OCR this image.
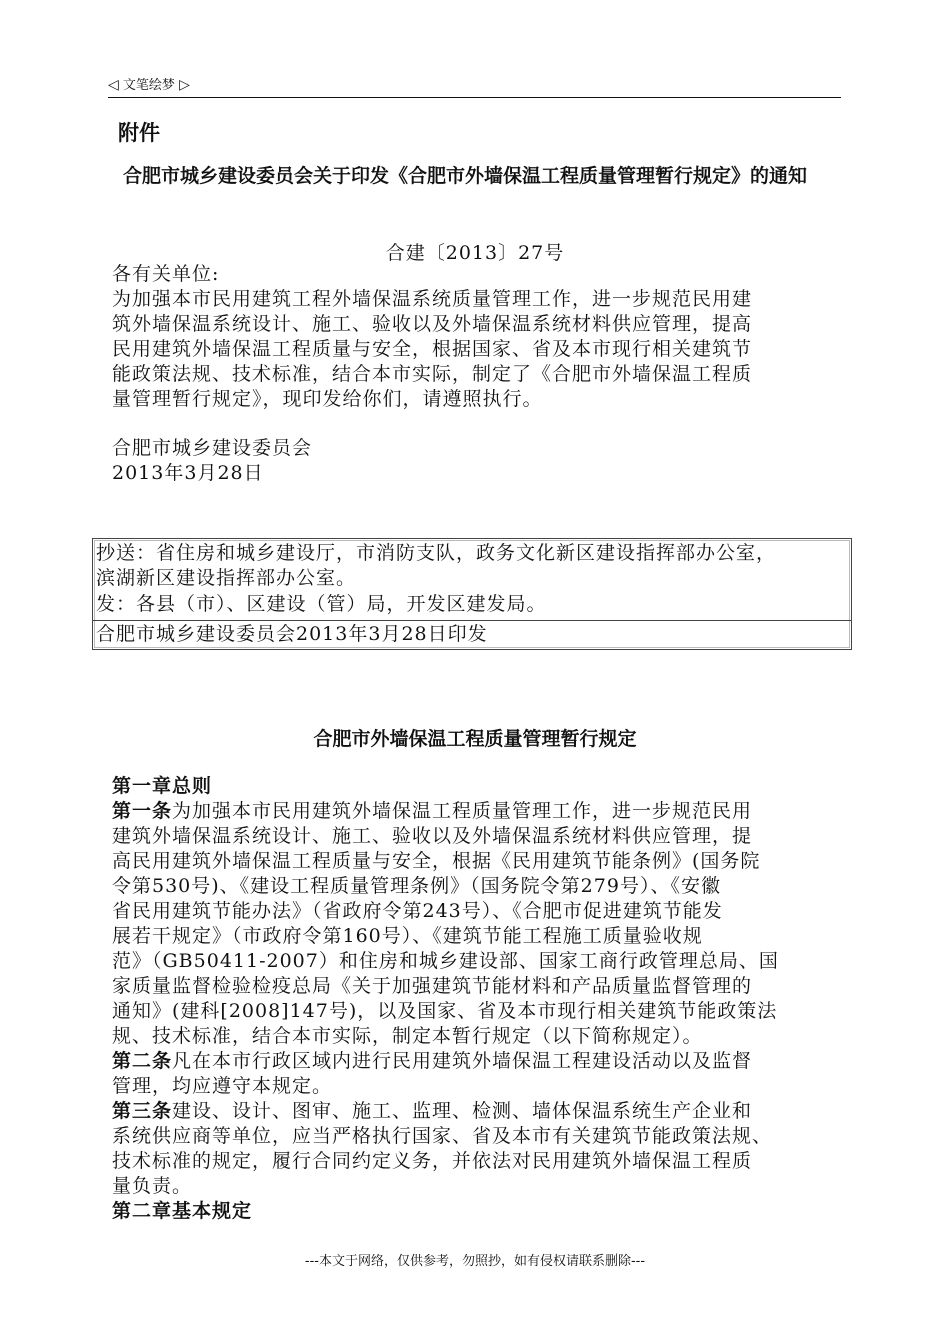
◁ 文笔绘梦 ▷
附件
合肥市城乡建设委员会关于印发《合肥市外墙保温工程质量管理暂行规定》的通知
合建〔2013〕27号

各有关单位:

为加强本市民用建筑工程外墙保温系统质量管理工作，进一步规范民用建

筑外墙保温系统设计、施工、验收以及外墙保温系统材料供应管理，提高

民用建筑外墙保温工程质量与安全，根据国家、省及本市现行相关建筑节

能政策法规、技术标准，结合本市实际，制定了《合肥市外墙保温工程质

量管理暂行规定》，现印发给你们，请遵照执行。

合肥市城乡建设委员会

2013年3月28日

抄送：省住房和城乡建设厅，市消防支队，政务文化新区建设指挥部办公室，
滨湖新区建设指挥部办公室。
发：各县（市）、区建设（管）局，开发区建发局。
合肥市城乡建设委员会2013年3月28日印发
合肥市外墙保温工程质量管理暂行规定

第一章总则

第一条为加强本市民用建筑外墙保温工程质量管理工作，进一步规范民用

建筑外墙保温系统设计、施工、验收以及外墙保温系统材料供应管理，提

高民用建筑外墙保温工程质量与安全，根据《民用建筑节能条例》(国务院

令第530号)、《建设工程质量管理条例》（国务院令第279号）、《安徽

省民用建筑节能办法》（省政府令第243号）、《合肥市促进建筑节能发

展若干规定》（市政府令第160号）、《建筑节能工程施工质量验收规

范》（GB50411-2007）和住房和城乡建设部、国家工商行政管理总局、国

家质量监督检验检疫总局《关于加强建筑节能材料和产品质量监督管理的

通知》(建科[2008]147号)，以及国家、省及本市现行相关建筑节能政策法

规、技术标准，结合本市实际，制定本暂行规定（以下简称规定）。

第二条凡在本市行政区域内进行民用建筑外墙保温工程建设活动以及监督

管理，均应遵守本规定。

第三条建设、设计、图审、施工、监理、检测、墙体保温系统生产企业和

系统供应商等单位，应当严格执行国家、省及本市有关建筑节能政策法规、

技术标准的规定，履行合同约定义务，并依法对民用建筑外墙保温工程质

量负责。

第二章基本规定

---本文于网络，仅供参考，勿照抄，如有侵权请联系删除---
